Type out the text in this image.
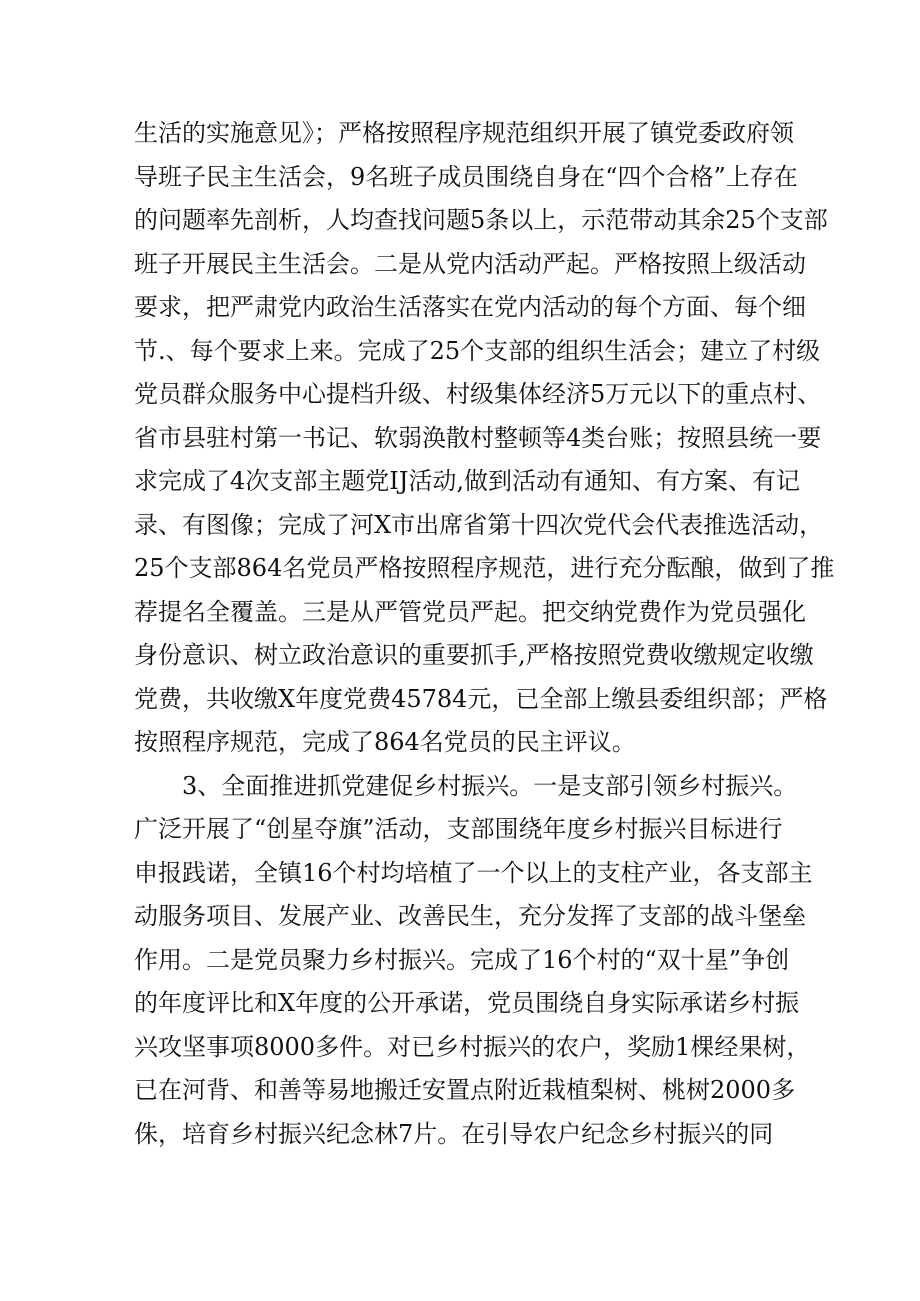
生活的实施意见》；严格按照程序规范组织开展了镇党委政府领
导班子民主生活会，9名班子成员围绕自身在“四个合格”上存在
的问题率先剖析，人均查找问题5条以上，示范带动其余25个支部
班子开展民主生活会。二是从党内活动严起。严格按照上级活动
要求，把严肃党内政治生活落实在党内活动的每个方面、每个细
节.、每个要求上来。完成了25个支部的组织生活会；建立了村级
党员群众服务中心提档升级、村级集体经济5万元以下的重点村、
省市县驻村第一书记、软弱涣散村整顿等4类台账；按照县统一要
求完成了4次支部主题党IJ活动,做到活动有通知、有方案、有记
录、有图像；完成了河X市出席省第十四次党代会代表推选活动，
25个支部864名党员严格按照程序规范，进行充分酝酿，做到了推
荐提名全覆盖。三是从严管党员严起。把交纳党费作为党员强化
身份意识、树立政治意识的重要抓手,严格按照党费收缴规定收缴
党费，共收缴X年度党费45784元，已全部上缴县委组织部；严格
按照程序规范，完成了864名党员的民主评议。
3、全面推进抓党建促乡村振兴。一是支部引领乡村振兴。
广泛开展了“创星夺旗”活动，支部围绕年度乡村振兴目标进行
申报践诺，全镇16个村均培植了一个以上的支柱产业，各支部主
动服务项目、发展产业、改善民生，充分发挥了支部的战斗堡垒
作用。二是党员聚力乡村振兴。完成了16个村的“双十星”争创
的年度评比和X年度的公开承诺，党员围绕自身实际承诺乡村振
兴攻坚事项8000多件。对已乡村振兴的农户，奖励1棵经果树，
已在河背、和善等易地搬迁安置点附近栽植梨树、桃树2000多
侏，培育乡村振兴纪念林7片。在引导农户纪念乡村振兴的同
